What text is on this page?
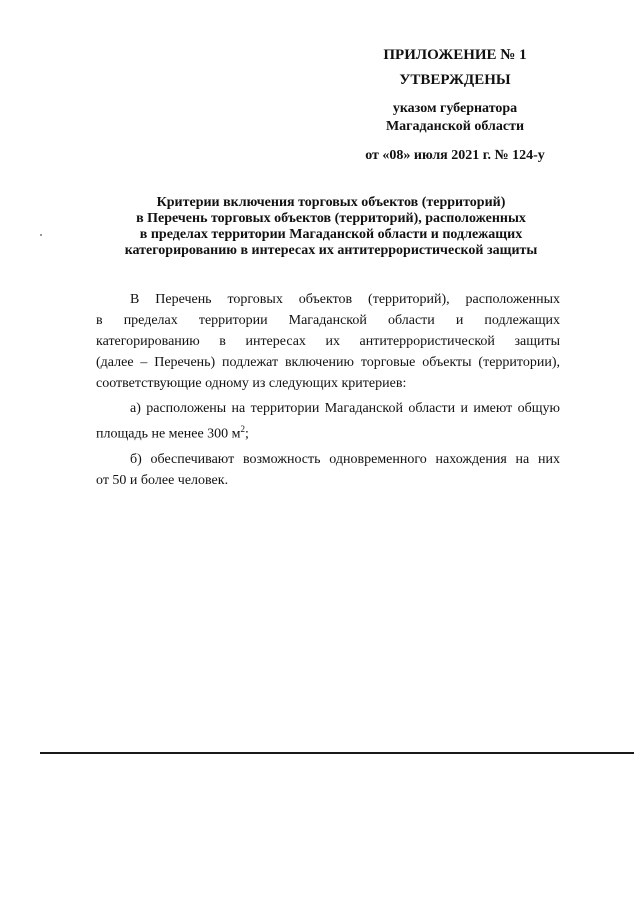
ПРИЛОЖЕНИЕ № 1
УТВЕРЖДЕНЫ
указом губернатора
Магаданской области
от «08» июля 2021 г. № 124-у
Критерии включения торговых объектов (территорий)
в Перечень торговых объектов (территорий), расположенных
в пределах территории Магаданской области и подлежащих
категорированию в интересах их антитеррористической защиты
В Перечень торговых объектов (территорий), расположенных
в пределах территории Магаданской области и подлежащих
категорированию в интересах их антитеррористической защиты
(далее – Перечень) подлежат включению торговые объекты (территории),
соответствующие одному из следующих критериев:
а) расположены на территории Магаданской области и имеют общую
площадь не менее 300 $м^2$;
б) обеспечивают возможность одновременного нахождения на них
от 50 и более человек.
